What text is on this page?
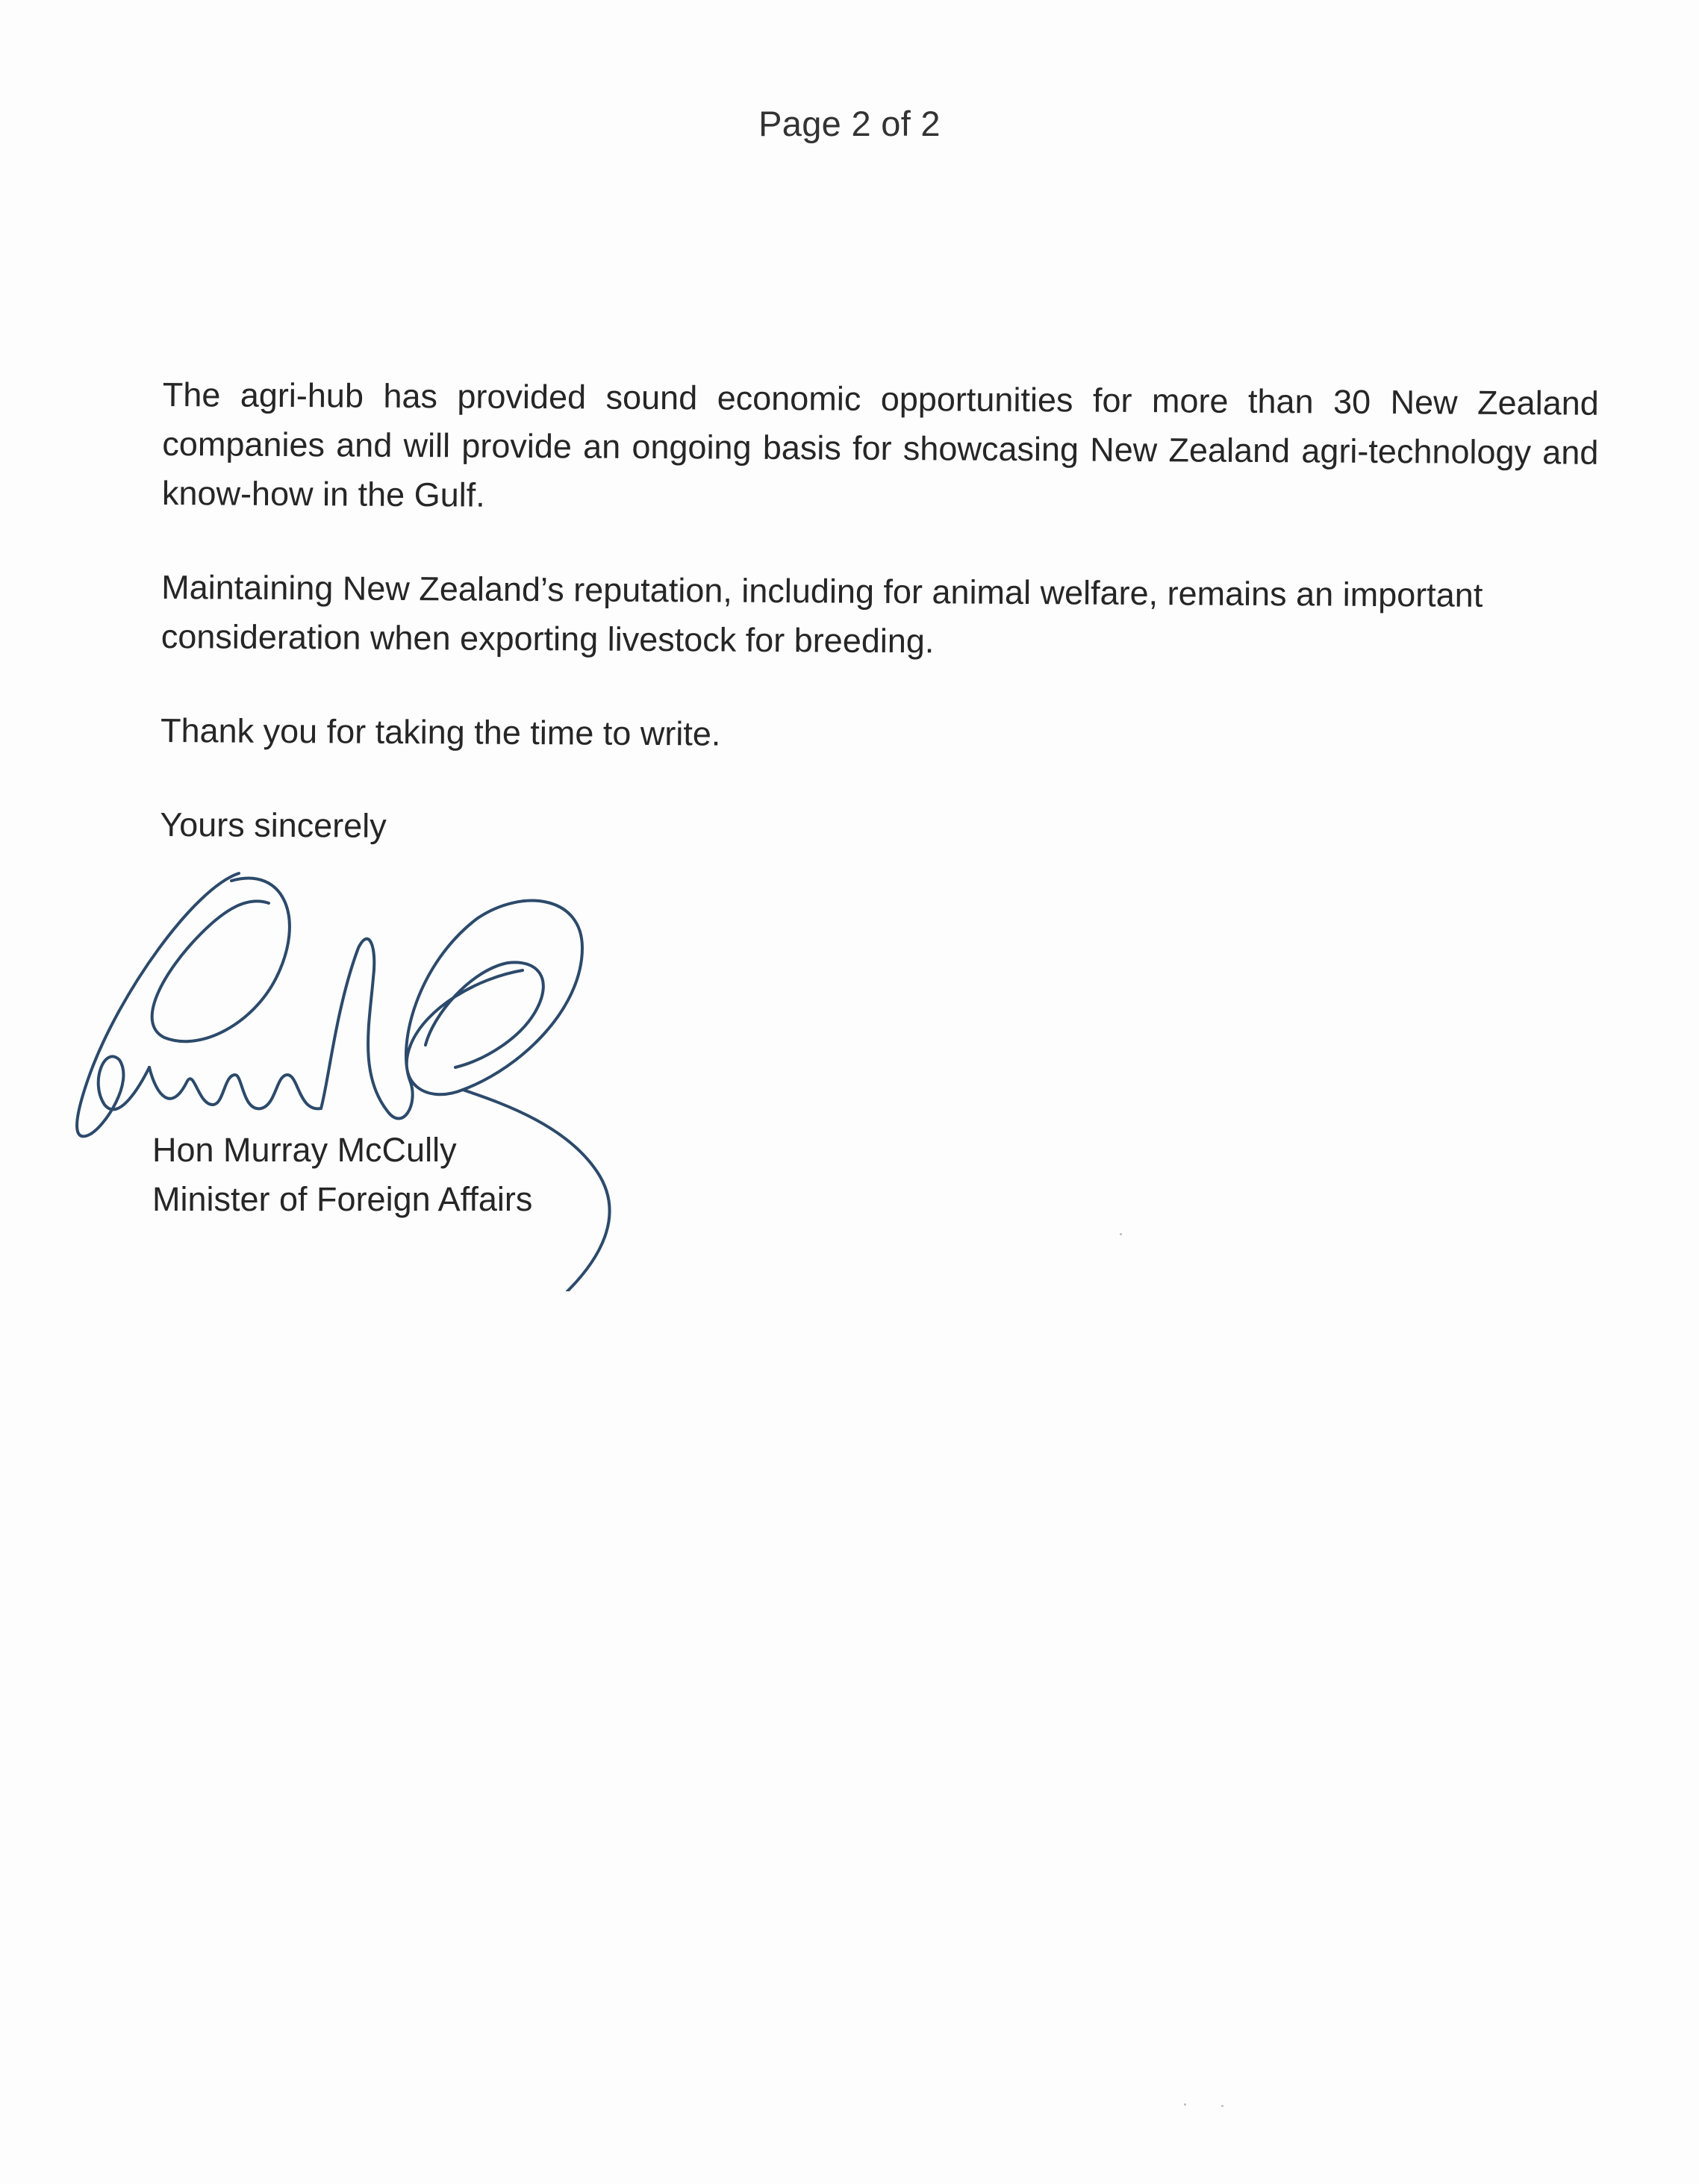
Page 2 of 2

The agri-hub has provided sound economic opportunities for more than 30 New Zealand companies and will provide an ongoing basis for showcasing New Zealand agri-technology and know-how in the Gulf.

Maintaining New Zealand’s reputation, including for animal welfare, remains an important consideration when exporting livestock for breeding.

Thank you for taking the time to write.

Yours sincerely

Hon Murray McCully
Minister of Foreign Affairs
